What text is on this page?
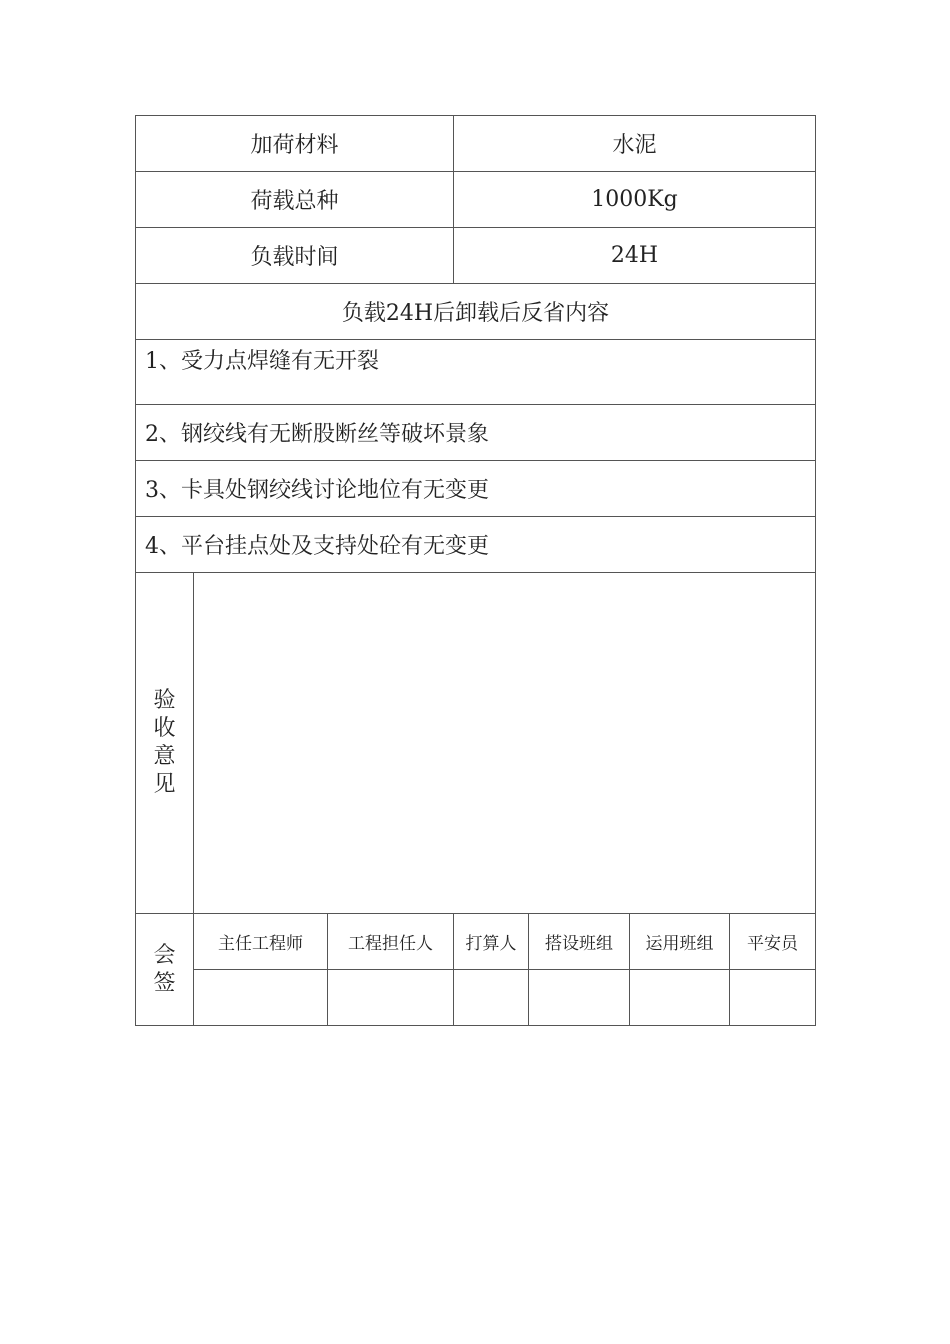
加荷材料			水泥			
荷载总种			1000Kg			
负载时间			24H			
负载24H后卸载后反省内容						
1、受力点焊缝有无开裂						
2、钢绞线有无断股断丝等破坏景象						
3、卡具处钢绞线讨论地位有无变更						
4、平台挂点处及支持处砼有无变更						

验收意见						

会签	主任工程师	工程担任人	打算人	搭设班组	运用班组	平安员
